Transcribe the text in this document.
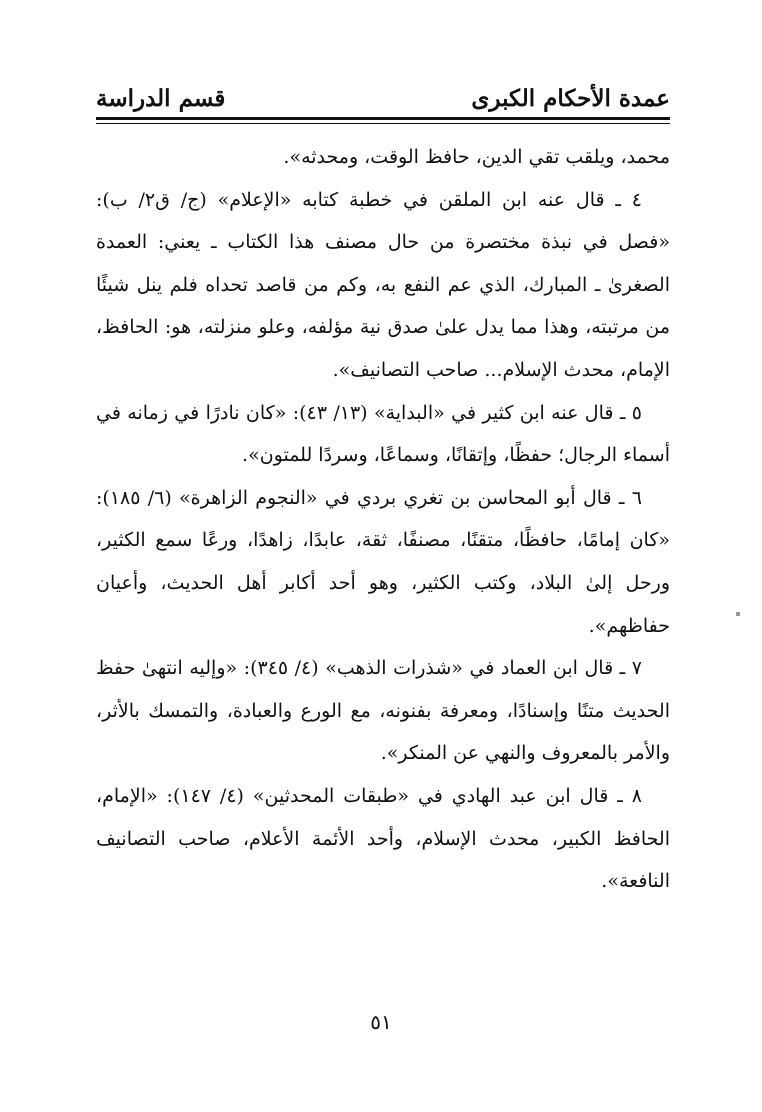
عمدة الأحكام الكبرى
قسم الدراسة

محمد، ويلقب تقي الدين، حافظ الوقت، ومحدثه».

٤ ـ قال عنه ابن الملقن في خطبة كتابه «الإعلام» (ج/ ق٢/ ب): «فصل في نبذة مختصرة من حال مصنف هذا الكتاب ـ يعني: العمدة الصغرىٰ ـ المبارك، الذي عم النفع به، وكم من قاصد تحداه فلم ينل شيئًا من مرتبته، وهذا مما يدل علىٰ صدق نية مؤلفه، وعلو منزلته، هو: الحافظ، الإمام، محدث الإسلام... صاحب التصانيف».

٥ ـ قال عنه ابن كثير في «البداية» (١٣/ ٤٣): «كان نادرًا في زمانه في أسماء الرجال؛ حفظًا، وإتقانًا، وسماعًا، وسردًا للمتون».

٦ ـ قال أبو المحاسن بن تغري بردي في «النجوم الزاهرة» (٦/ ١٨٥): «كان إمامًا، حافظًا، متقنًا، مصنفًا، ثقة، عابدًا، زاهدًا، ورعًا سمع الكثير، ورحل إلىٰ البلاد، وكتب الكثير، وهو أحد أكابر أهل الحديث، وأعيان حفاظهم».

٧ ـ قال ابن العماد في «شذرات الذهب» (٤/ ٣٤٥): «وإليه انتهىٰ حفظ الحديث متنًا وإسنادًا، ومعرفة بفنونه، مع الورع والعبادة، والتمسك بالأثر، والأمر بالمعروف والنهي عن المنكر».

٨ ـ قال ابن عبد الهادي في «طبقات المحدثين» (٤/ ١٤٧): «الإمام، الحافظ الكبير، محدث الإسلام، وأحد الأئمة الأعلام، صاحب التصانيف النافعة».

٥١
